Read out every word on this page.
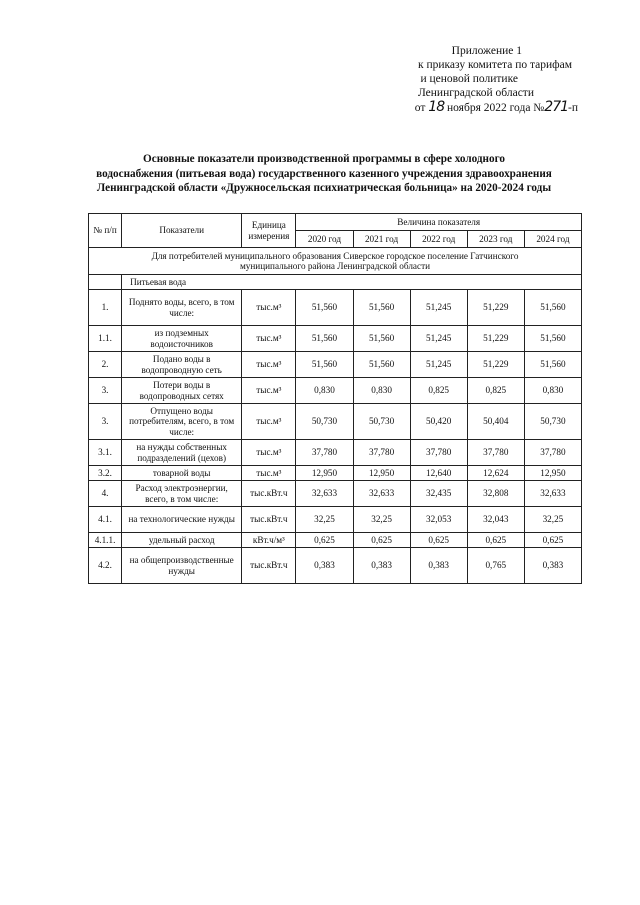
Приложение 1
к приказу комитета по тарифам
и ценовой политике
Ленинградской области
от 18 ноября 2022 года №271-п
Основные показатели производственной программы в сфере холодного
водоснабжения (питьевая вода) государственного казенного учреждения здравоохранения
Ленинградской области «Дружносельская психиатрическая больница» на 2020-2024 годы
№ п/п	Показатели	Единица измерения	Величина показателя				
			2020 год	2021 год	2022 год	2023 год	2024 год
Для потребителей муниципального образования Сиверское городское поселение Гатчинского муниципального района Ленинградской области							
	Питьевая вода						
1.	Поднято воды, всего, в том числе:	тыс.м³	51,560	51,560	51,245	51,229	51,560
1.1.	из подземных водоисточников	тыс.м³	51,560	51,560	51,245	51,229	51,560
2.	Подано воды в водопроводную сеть	тыс.м³	51,560	51,560	51,245	51,229	51,560
3.	Потери воды в водопроводных сетях	тыс.м³	0,830	0,830	0,825	0,825	0,830
3.	Отпущено воды потребителям, всего, в том числе:	тыс.м³	50,730	50,730	50,420	50,404	50,730
3.1.	на нужды собственных подразделений (цехов)	тыс.м³	37,780	37,780	37,780	37,780	37,780
3.2.	товарной воды	тыс.м³	12,950	12,950	12,640	12,624	12,950
4.	Расход электроэнергии, всего, в том числе:	тыс.кВт.ч	32,633	32,633	32,435	32,808	32,633
4.1.	на технологические нужды	тыс.кВт.ч	32,25	32,25	32,053	32,043	32,25
4.1.1.	удельный расход	кВт.ч/м³	0,625	0,625	0,625	0,625	0,625
4.2.	на общепроизводственные нужды	тыс.кВт.ч	0,383	0,383	0,383	0,765	0,383
